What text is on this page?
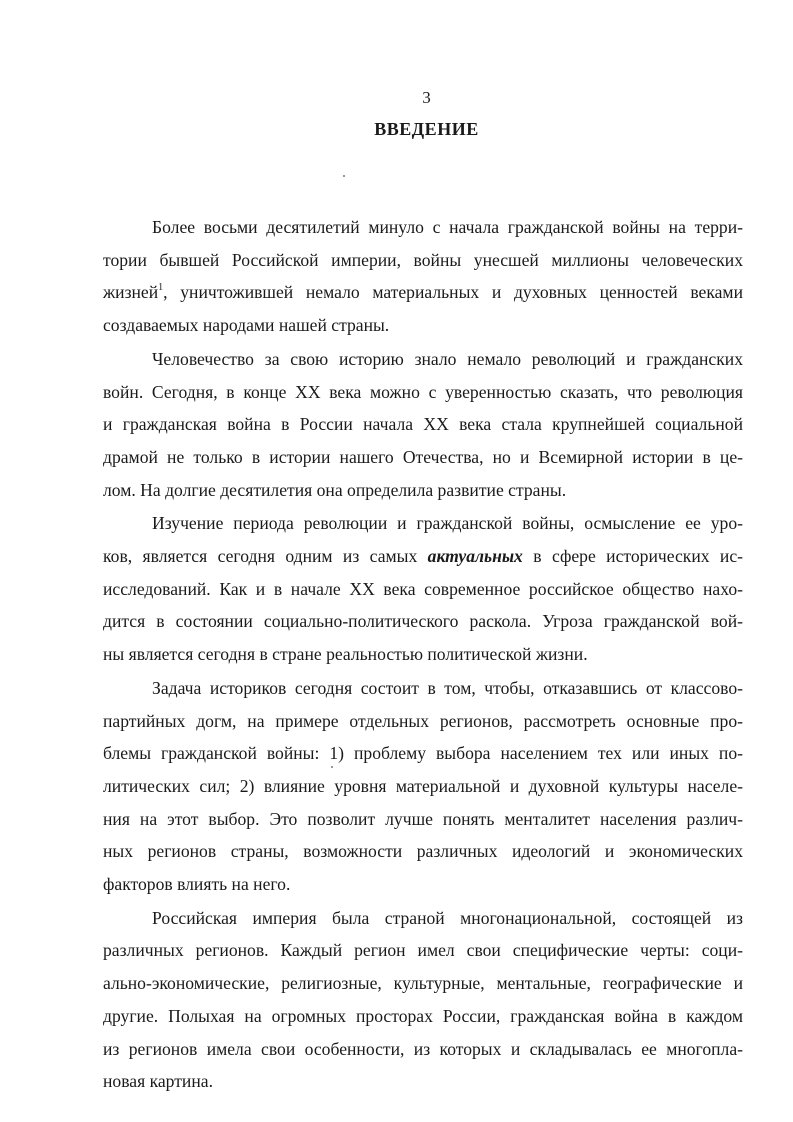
3
ВВЕДЕНИЕ
Более восьми десятилетий минуло с начала гражданской войны на терри-
тории бывшей Российской империи, войны унесшей миллионы человеческих
жизней$^1$, уничтожившей немало материальных и духовных ценностей веками
создаваемых народами нашей страны.
Человечество за свою историю знало немало революций и гражданских
войн. Сегодня, в конце XX века можно с уверенностью сказать, что революция
и гражданская война в России начала XX века стала крупнейшей социальной
драмой не только в истории нашего Отечества, но и Всемирной истории в це-
лом. На долгие десятилетия она определила развитие страны.
Изучение периода революции и гражданской войны, осмысление ее уро-
ков, является сегодня одним из самых актуальных в сфере исторических ис-
исследований. Как и в начале XX века современное российское общество нахо-
дится в состоянии социально-политического раскола. Угроза гражданской вой-
ны является сегодня в стране реальностью политической жизни.
Задача историков сегодня состоит в том, чтобы, отказавшись от классово-
партийных догм, на примере отдельных регионов, рассмотреть основные про-
блемы гражданской войны: 1) проблему выбора населением тех или иных по-
литических сил; 2) влияние уровня материальной и духовной культуры населе-
ния на этот выбор. Это позволит лучше понять менталитет населения различ-
ных регионов страны, возможности различных идеологий и экономических
факторов влиять на него.
Российская империя была страной многонациональной, состоящей из
различных регионов. Каждый регион имел свои специфические черты: соци-
ально-экономические, религиозные, культурные, ментальные, географические и
другие. Полыхая на огромных просторах России, гражданская война в каждом
из регионов имела свои особенности, из которых и складывалась ее многопла-
новая картина.
